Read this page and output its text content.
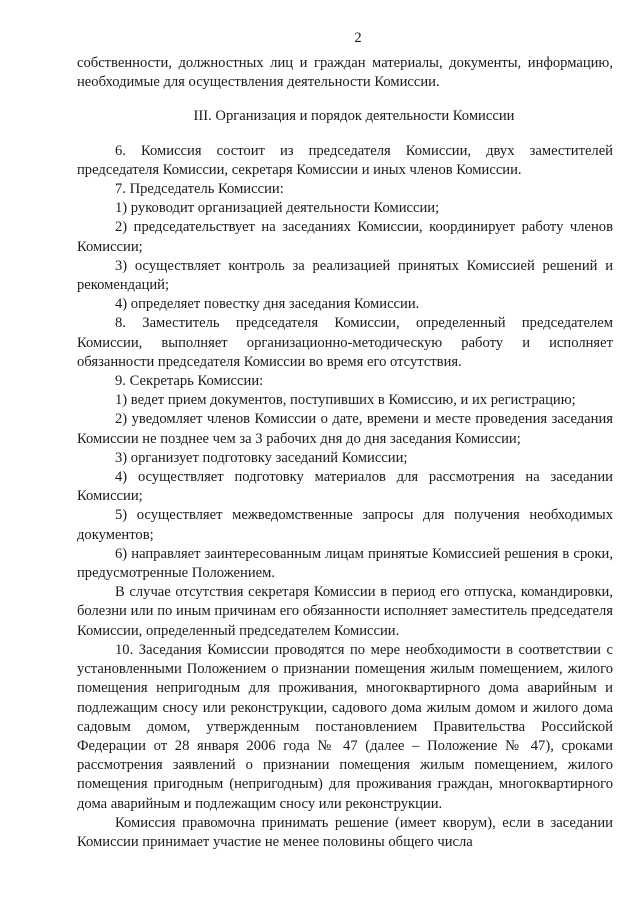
2

собственности, должностных лиц и граждан материалы, документы, информацию, необходимые для осуществления деятельности Комиссии.

III. Организация и порядок деятельности Комиссии

6. Комиссия состоит из председателя Комиссии, двух заместителей председателя Комиссии, секретаря Комиссии и иных членов Комиссии.

7. Председатель Комиссии:

1) руководит организацией деятельности Комиссии;

2) председательствует на заседаниях Комиссии, координирует работу членов Комиссии;

3) осуществляет контроль за реализацией принятых Комиссией решений и рекомендаций;

4) определяет повестку дня заседания Комиссии.

8. Заместитель председателя Комиссии, определенный председателем Комиссии, выполняет организационно-методическую работу и исполняет обязанности председателя Комиссии во время его отсутствия.

9. Секретарь Комиссии:

1) ведет прием документов, поступивших в Комиссию, и их регистрацию;

2) уведомляет членов Комиссии о дате, времени и месте проведения заседания Комиссии не позднее чем за 3 рабочих дня до дня заседания Комиссии;

3) организует подготовку заседаний Комиссии;

4) осуществляет подготовку материалов для рассмотрения на заседании Комиссии;

5) осуществляет межведомственные запросы для получения необходимых документов;

6) направляет заинтересованным лицам принятые Комиссией решения в сроки, предусмотренные Положением.

В случае отсутствия секретаря Комиссии в период его отпуска, командировки, болезни или по иным причинам его обязанности исполняет заместитель председателя Комиссии, определенный председателем Комиссии.

10. Заседания Комиссии проводятся по мере необходимости в соответствии с установленными Положением о признании помещения жилым помещением, жилого помещения непригодным для проживания, многоквартирного дома аварийным и подлежащим сносу или реконструкции, садового дома жилым домом и жилого дома садовым домом, утвержденным постановлением Правительства Российской Федерации от 28 января 2006 года № 47 (далее – Положение № 47), сроками рассмотрения заявлений о признании помещения жилым помещением, жилого помещения пригодным (непригодным) для проживания граждан, многоквартирного дома аварийным и подлежащим сносу или реконструкции.

Комиссия правомочна принимать решение (имеет кворум), если в заседании Комиссии принимает участие не менее половины общего числа
